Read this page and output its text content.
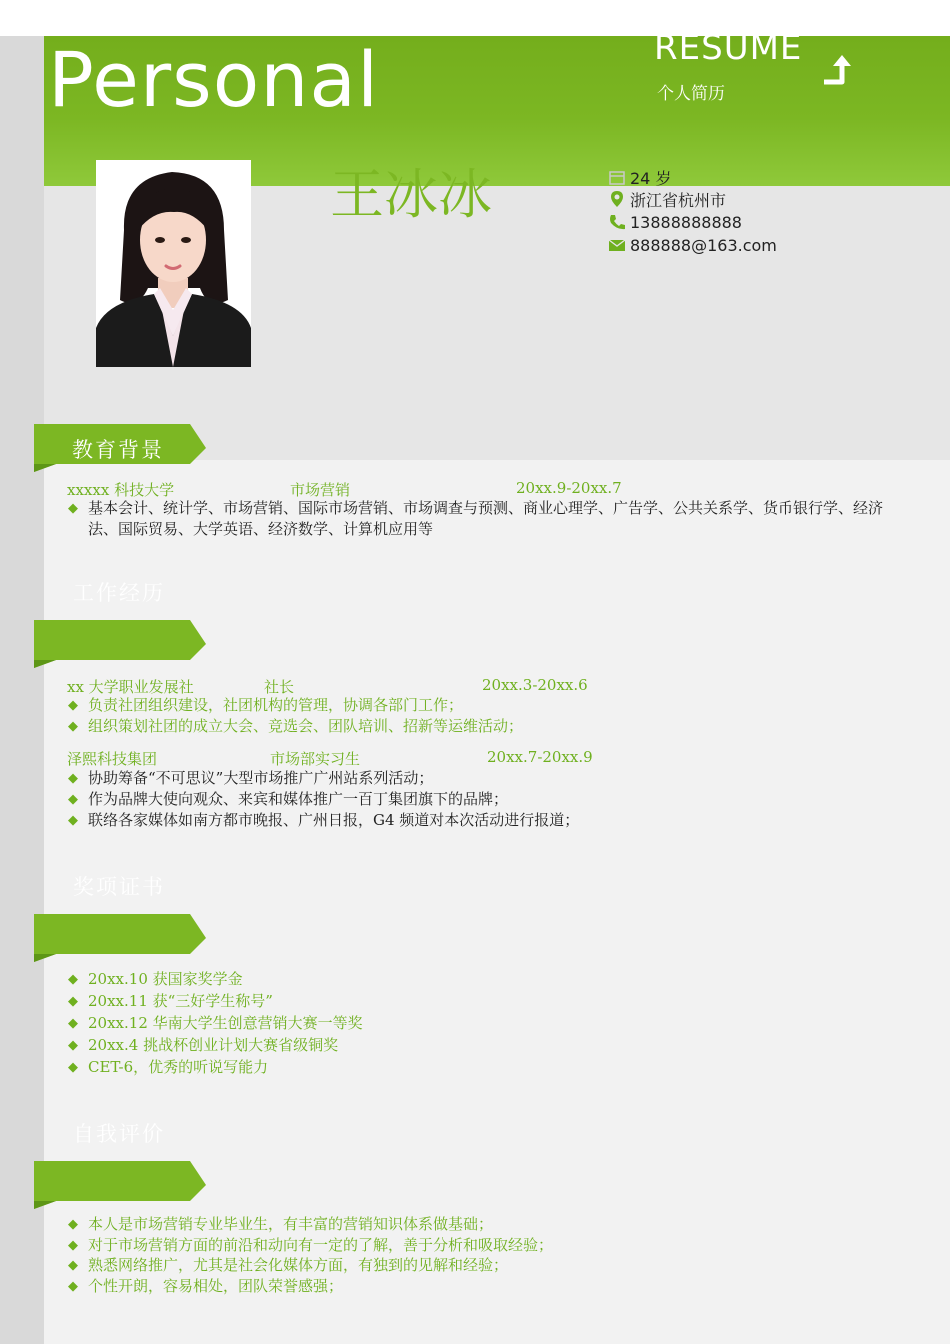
Personal	RESUME
个人简历
王冰冰	24 岁
浙江省杭州市
13888888888
888888@163.com
教育背景
xxxxx 科技大学	市场营销	20xx.9-20xx.7
◆ 基本会计、统计学、市场营销、国际市场营销、市场调查与预测、商业心理学、广告学、公共关系学、货币银行学、经济法、国际贸易、大学英语、经济数学、计算机应用等
工作经历
xx 大学职业发展社	社长	20xx.3-20xx.6
◆ 负责社团组织建设，社团机构的管理，协调各部门工作；
◆ 组织策划社团的成立大会、竞选会、团队培训、招新等运维活动；
泽熙科技集团	市场部实习生	20xx.7-20xx.9
◆ 协助筹备“不可思议”大型市场推广广州站系列活动；
◆ 作为品牌大使向观众、来宾和媒体推广一百丁集团旗下的品牌；
◆ 联络各家媒体如南方都市晚报、广州日报，G4 频道对本次活动进行报道；
奖项证书
◆ 20xx.10 获国家奖学金
◆ 20xx.11 获“三好学生称号”
◆ 20xx.12 华南大学生创意营销大赛一等奖
◆ 20xx.4 挑战杯创业计划大赛省级铜奖
◆ CET-6，优秀的听说写能力
自我评价
◆ 本人是市场营销专业毕业生，有丰富的营销知识体系做基础；
◆ 对于市场营销方面的前沿和动向有一定的了解，善于分析和吸取经验；
◆ 熟悉网络推广，尤其是社会化媒体方面，有独到的见解和经验；
◆ 个性开朗，容易相处，团队荣誉感强；
